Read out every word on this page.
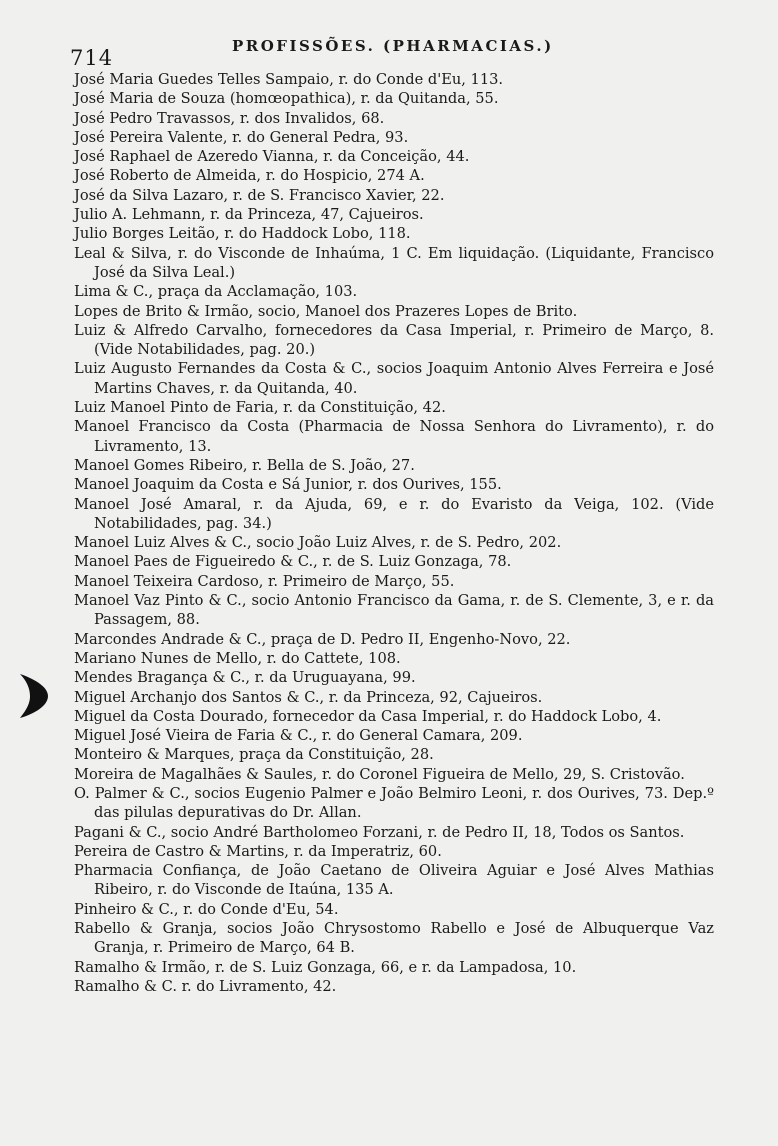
714	PROFISSÕES. (PHARMACIAS.)
José Maria Guedes Telles Sampaio, r. do Conde d'Eu, 113.
José Maria de Souza (homœopathica), r. da Quitanda, 55.
José Pedro Travassos, r. dos Invalidos, 68.
José Pereira Valente, r. do General Pedra, 93.
José Raphael de Azeredo Vianna, r. da Conceição, 44.
José Roberto de Almeida, r. do Hospicio, 274 A.
José da Silva Lazaro, r. de S. Francisco Xavier, 22.
Julio A. Lehmann, r. da Princeza, 47, Cajueiros.
Julio Borges Leitão, r. do Haddock Lobo, 118.
Leal & Silva, r. do Visconde de Inhaúma, 1 C. Em liquidação. (Liquidante, Francisco José da Silva Leal.)
Lima & C., praça da Acclamação, 103.
Lopes de Brito & Irmão, socio, Manoel dos Prazeres Lopes de Brito.
Luiz & Alfredo Carvalho, fornecedores da Casa Imperial, r. Primeiro de Março, 8. (Vide Notabilidades, pag. 20.)
Luiz Augusto Fernandes da Costa & C., socios Joaquim Antonio Alves Ferreira e José Martins Chaves, r. da Quitanda, 40.
Luiz Manoel Pinto de Faria, r. da Constituição, 42.
Manoel Francisco da Costa (Pharmacia de Nossa Senhora do Livramento), r. do Livramento, 13.
Manoel Gomes Ribeiro, r. Bella de S. João, 27.
Manoel Joaquim da Costa e Sá Junior, r. dos Ourives, 155.
Manoel José Amaral, r. da Ajuda, 69, e r. do Evaristo da Veiga, 102. (Vide Notabilidades, pag. 34.)
Manoel Luiz Alves & C., socio João Luiz Alves, r. de S. Pedro, 202.
Manoel Paes de Figueiredo & C., r. de S. Luiz Gonzaga, 78.
Manoel Teixeira Cardoso, r. Primeiro de Março, 55.
Manoel Vaz Pinto & C., socio Antonio Francisco da Gama, r. de S. Clemente, 3, e r. da Passagem, 88.
Marcondes Andrade & C., praça de D. Pedro II, Engenho-Novo, 22.
Mariano Nunes de Mello, r. do Cattete, 108.
Mendes Bragança & C., r. da Uruguayana, 99.
Miguel Archanjo dos Santos & C., r. da Princeza, 92, Cajueiros.
Miguel da Costa Dourado, fornecedor da Casa Imperial, r. do Haddock Lobo, 4.
Miguel José Vieira de Faria & C., r. do General Camara, 209.
Monteiro & Marques, praça da Constituição, 28.
Moreira de Magalhães & Saules, r. do Coronel Figueira de Mello, 29, S. Cristovão.
O. Palmer & C., socios Eugenio Palmer e João Belmiro Leoni, r. dos Ourives, 73. Dep.º das pilulas depurativas do Dr. Allan.
Pagani & C., socio André Bartholomeo Forzani, r. de Pedro II, 18, Todos os Santos.
Pereira de Castro & Martins, r. da Imperatriz, 60.
Pharmacia Confiança, de João Caetano de Oliveira Aguiar e José Alves Mathias Ribeiro, r. do Visconde de Itaúna, 135 A.
Pinheiro & C., r. do Conde d'Eu, 54.
Rabello & Granja, socios João Chrysostomo Rabello e José de Albuquerque Vaz Granja, r. Primeiro de Março, 64 B.
Ramalho & Irmão, r. de S. Luiz Gonzaga, 66, e r. da Lampadosa, 10.
Ramalho & C. r. do Livramento, 42.
